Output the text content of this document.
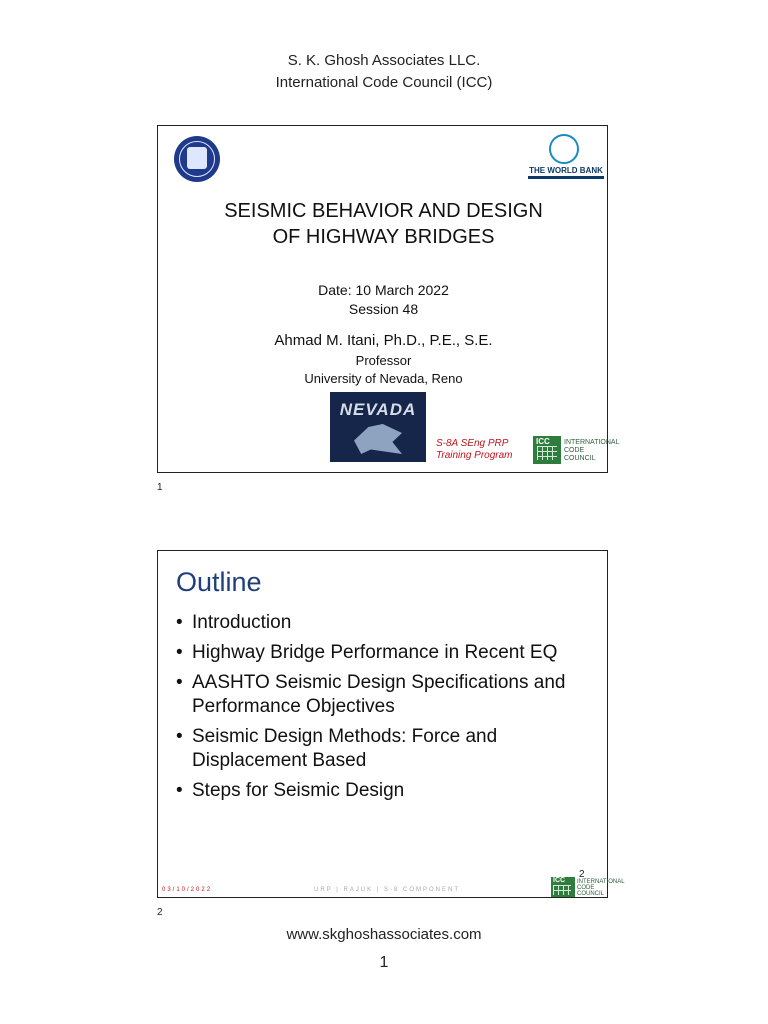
S. K. Ghosh Associates LLC.
International Code Council (ICC)
THE WORLD BANK
SEISMIC BEHAVIOR AND DESIGN
OF HIGHWAY BRIDGES
Date: 10 March 2022
Session 48
Ahmad M. Itani, Ph.D., P.E., S.E.
Professor
University of Nevada, Reno
NEVADA
S-8A SEng PRP
Training Program
ICC INTERNATIONAL
CODE
COUNCIL
1
Outline
• Introduction
• Highway Bridge Performance in Recent EQ
• AASHTO Seismic Design Specifications and Performance Objectives
• Seismic Design Methods: Force and Displacement Based
• Steps for Seismic Design
03/10/2022	URP | RAJUK | S-8 COMPONENT
2
ICC INTERNATIONAL
CODE
COUNCIL
2
www.skghoshassociates.com
1
